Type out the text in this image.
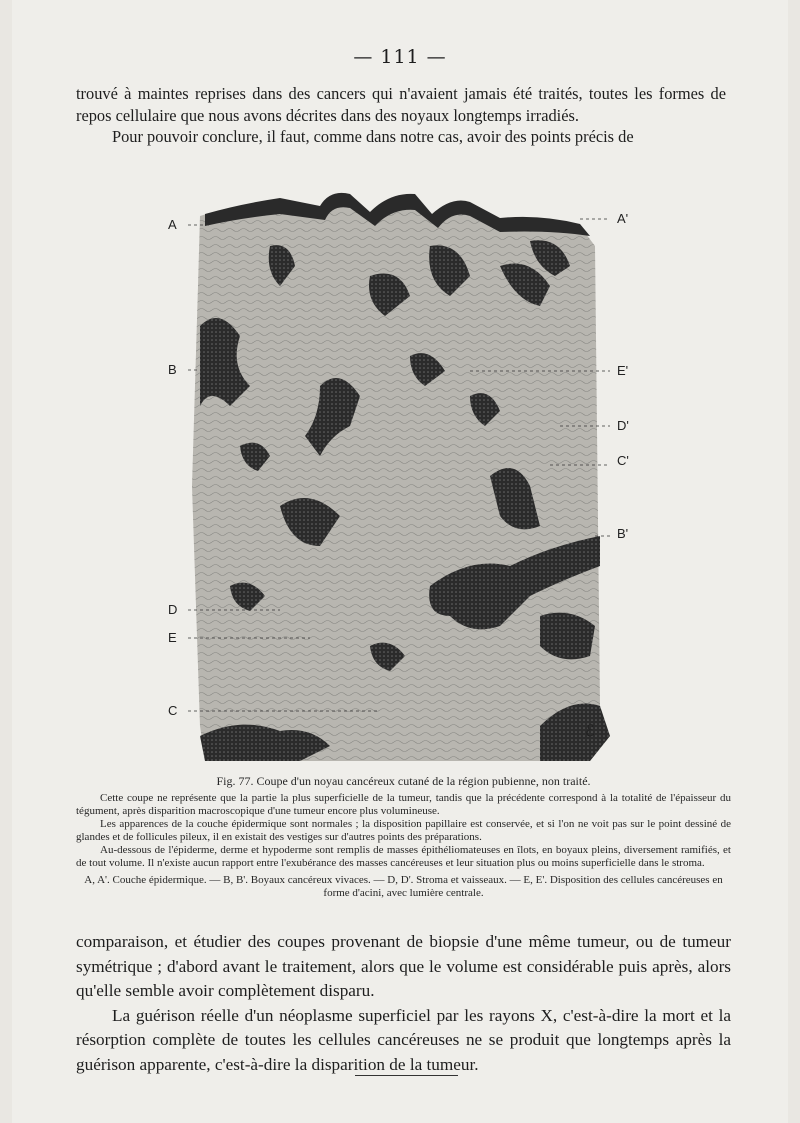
— 111 —

trouvé à maintes reprises dans des cancers qui n'avaient jamais été traités, toutes les formes de repos cellulaire que nous avons décrites dans des noyaux longtemps irradiés.

Pour pouvoir conclure, il faut, comme dans notre cas, avoir des points précis de

A
B
D
E
C
A'
E'
D'
C'
B'
ℰ

Fig. 77. Coupe d'un noyau cancéreux cutané de la région pubienne, non traité.

Cette coupe ne représente que la partie la plus superficielle de la tumeur, tandis que la précédente correspond à la totalité de l'épaisseur du tégument, après disparition macroscopique d'une tumeur encore plus volumineuse.

Les apparences de la couche épidermique sont normales ; la disposition papillaire est conservée, et si l'on ne voit pas sur le point dessiné de glandes et de follicules pileux, il en existait des vestiges sur d'autres points des préparations.

Au-dessous de l'épiderme, derme et hypoderme sont remplis de masses épithéliomateuses en îlots, en boyaux pleins, diversement ramifiés, et de tout volume. Il n'existe aucun rapport entre l'exubérance des masses cancéreuses et leur situation plus ou moins superficielle dans le stroma.

A, A'. Couche épidermique. — B, B'. Boyaux cancéreux vivaces. — D, D'. Stroma et vaisseaux. — E, E'. Disposition des cellules cancéreuses en forme d'acini, avec lumière centrale.

comparaison, et étudier des coupes provenant de biopsie d'une même tumeur, ou de tumeur symétrique ; d'abord avant le traitement, alors que le volume est considérable puis après, alors qu'elle semble avoir complètement disparu.

La guérison réelle d'un néoplasme superficiel par les rayons X, c'est-à-dire la mort et la résorption complète de toutes les cellules cancéreuses ne se produit que longtemps après la guérison apparente, c'est-à-dire la disparition de la tumeur.
